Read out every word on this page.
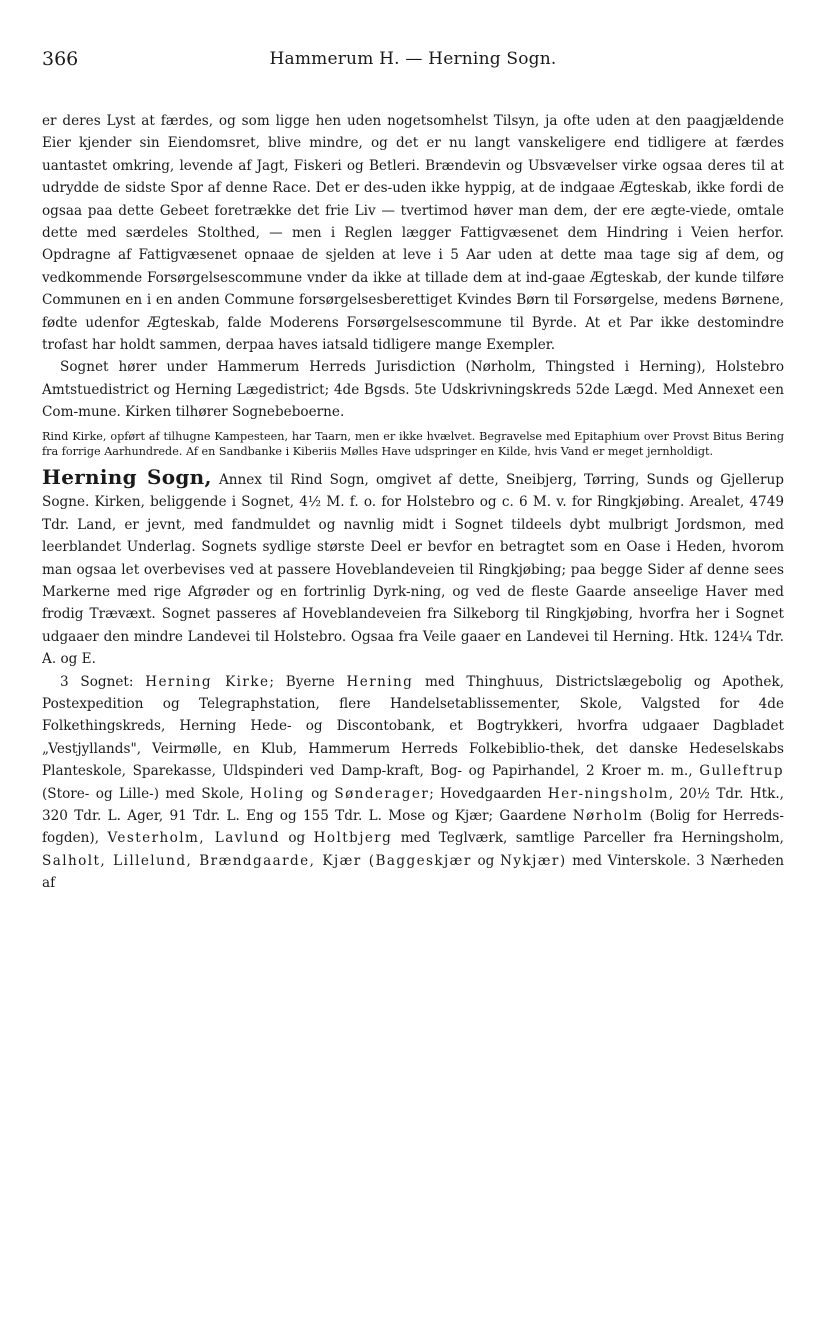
366	Hammerum H. — Herning Sogn.

er deres Lyst at færdes, og som ligge hen uden nogetsomhelst Tilsyn, ja ofte uden at den paagjældende Eier kjender sin Eiendomsret, blive mindre, og det er nu langt vanskeligere end tidligere at færdes uantastet omkring, levende af Jagt, Fiskeri og Betleri. Brændevin og Ubsvævelser virke ogsaa deres til at udrydde de sidste Spor af denne Race. Det er des-uden ikke hyppig, at de indgaae Ægteskab, ikke fordi de ogsaa paa dette Gebeet foretrække det frie Liv — tvertimod høver man dem, der ere ægte-viede, omtale dette med særdeles Stolthed, — men i Reglen lægger Fattigvæsenet dem Hindring i Veien herfor. Opdragne af Fattigvæsenet opnaae de sjelden at leve i 5 Aar uden at dette maa tage sig af dem, og vedkommende Forsørgelsescommune vnder da ikke at tillade dem at ind-gaae Ægteskab, der kunde tilføre Communen en i en anden Commune forsørgelsesberettiget Kvindes Børn til Forsørgelse, medens Børnene, fødte udenfor Ægteskab, falde Moderens Forsørgelsescommune til Byrde. At et Par ikke destomindre trofast har holdt sammen, derpaa haves iatsald tidligere mange Exempler.

Sognet hører under Hammerum Herreds Jurisdiction (Nørholm, Thingsted i Herning), Holstebro Amtstuedistrict og Herning Lægedistrict; 4de Bgsds. 5te Udskrivningskreds 52de Lægd. Med Annexet een Com-mune. Kirken tilhører Sognebeboerne.

Rind Kirke, opført af tilhugne Kampesteen, har Taarn, men er ikke hvælvet. Begravelse med Epitaphium over Provst Bitus Bering fra forrige Aarhundrede. Af en Sandbanke i Kiberiis Mølles Have udspringer en Kilde, hvis Vand er meget jernholdigt.

Herning Sogn, Annex til Rind Sogn, omgivet af dette, Sneibjerg, Tørring, Sunds og Gjellerup Sogne. Kirken, beliggende i Sognet, 4½ M. f. o. for Holstebro og c. 6 M. v. for Ringkjøbing. Arealet, 4749 Tdr. Land, er jevnt, med fandmuldet og navnlig midt i Sognet tildeels dybt mulbrigt Jordsmon, med leerblandet Underlag. Sognets sydlige største Deel er bevfor en betragtet som en Oase i Heden, hvorom man ogsaa let overbevises ved at passere Hoveblandeveien til Ringkjøbing; paa begge Sider af denne sees Markerne med rige Afgrøder og en fortrinlig Dyrk-ning, og ved de fleste Gaarde anseelige Haver med frodig Trævæxt. Sognet passeres af Hoveblandeveien fra Silkeborg til Ringkjøbing, hvorfra her i Sognet udgaaer den mindre Landevei til Holstebro. Ogsaa fra Veile gaaer en Landevei til Herning. Htk. 124¼ Tdr. A. og E.

3 Sognet: Herning Kirke; Byerne Herning med Thinghuus, Districtslægebolig og Apothek, Postexpedition og Telegraphstation, flere Handelsetablissementer, Skole, Valgsted for 4de Folkethingskreds, Herning Hede- og Discontobank, et Bogtrykkeri, hvorfra udgaaer Dagbladet „Vestjyllands", Veirmølle, en Klub, Hammerum Herreds Folkebiblio-thek, det danske Hedeselskabs Planteskole, Sparekasse, Uldspinderi ved Damp-kraft, Bog- og Papirhandel, 2 Kroer m. m., Gulleftrup (Store- og Lille-) med Skole, Holing og Sønderager; Hovedgaarden Her-ningsholm, 20½ Tdr. Htk., 320 Tdr. L. Ager, 91 Tdr. L. Eng og 155 Tdr. L. Mose og Kjær; Gaardene Nørholm (Bolig for Herreds-fogden), Vesterholm, Lavlund og Holtbjerg med Teglværk, samtlige Parceller fra Herningsholm, Salholt, Lillelund, Brændgaarde, Kjær (Baggeskjær og Nykjær) med Vinterskole. 3 Nærheden af
